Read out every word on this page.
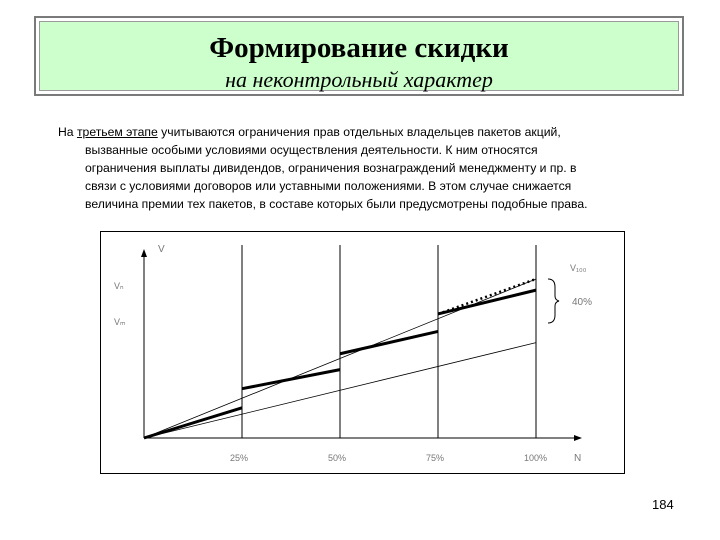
Формирование скидки
на неконтрольный характер
На третьем этапе учитываются ограничения прав отдельных владельцев пакетов акций,
вызванные особыми условиями осуществления деятельности. К ним относятся
ограничения выплаты дивидендов, ограничения вознаграждений менеджменту и пр. в
связи с условиями договоров или уставными положениями. В этом случае снижается
величина премии тех пакетов, в составе которых были предусмотрены подобные права.
V
N
Vₙ
Vₘ
25%	50%	75%	100%
V₁₀₀
40%
184
